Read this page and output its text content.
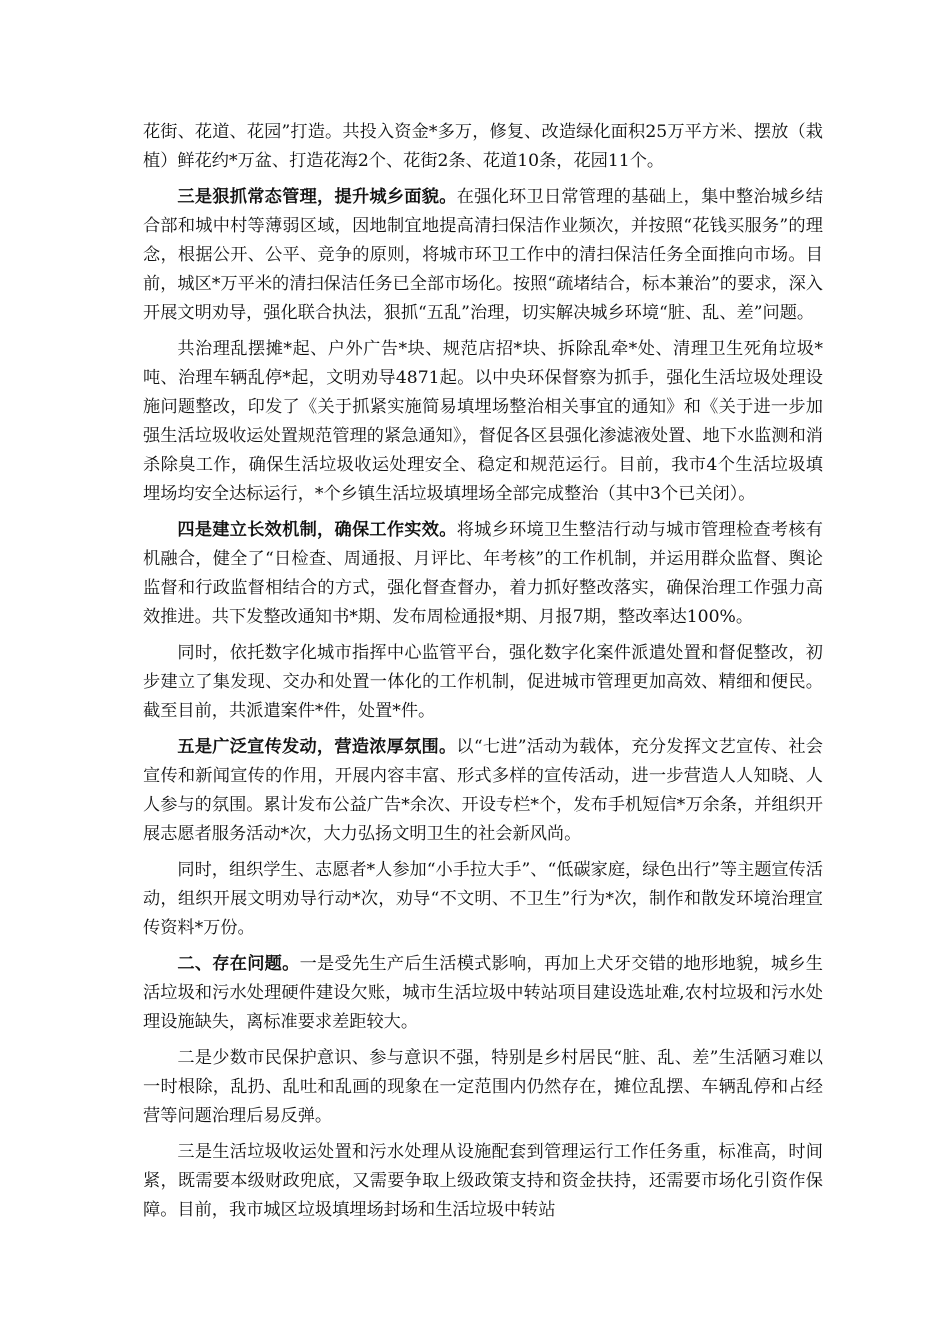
花街、花道、花园”打造。共投入资金*多万，修复、改造绿化面积25万平方米、摆放（栽植）鲜花约*万盆、打造花海2个、花街2条、花道10条，花园11个。

三是狠抓常态管理，提升城乡面貌。在强化环卫日常管理的基础上，集中整治城乡结合部和城中村等薄弱区域，因地制宜地提高清扫保洁作业频次，并按照“花钱买服务”的理念，根据公开、公平、竞争的原则，将城市环卫工作中的清扫保洁任务全面推向市场。目前，城区*万平米的清扫保洁任务已全部市场化。按照“疏堵结合，标本兼治”的要求，深入开展文明劝导，强化联合执法，狠抓“五乱”治理，切实解决城乡环境“脏、乱、差”问题。

共治理乱摆摊*起、户外广告*块、规范店招*块、拆除乱牵*处、清理卫生死角垃圾*吨、治理车辆乱停*起，文明劝导4871起。以中央环保督察为抓手，强化生活垃圾处理设施问题整改，印发了《关于抓紧实施简易填埋场整治相关事宜的通知》和《关于进一步加强生活垃圾收运处置规范管理的紧急通知》，督促各区县强化渗滤液处置、地下水监测和消杀除臭工作，确保生活垃圾收运处理安全、稳定和规范运行。目前，我市4个生活垃圾填埋场均安全达标运行，*个乡镇生活垃圾填埋场全部完成整治（其中3个已关闭）。

四是建立长效机制，确保工作实效。将城乡环境卫生整洁行动与城市管理检查考核有机融合，健全了“日检查、周通报、月评比、年考核”的工作机制，并运用群众监督、舆论监督和行政监督相结合的方式，强化督查督办，着力抓好整改落实，确保治理工作强力高效推进。共下发整改通知书*期、发布周检通报*期、月报7期，整改率达100%。

同时，依托数字化城市指挥中心监管平台，强化数字化案件派遣处置和督促整改，初步建立了集发现、交办和处置一体化的工作机制，促进城市管理更加高效、精细和便民。截至目前，共派遣案件*件，处置*件。

五是广泛宣传发动，营造浓厚氛围。以“七进”活动为载体，充分发挥文艺宣传、社会宣传和新闻宣传的作用，开展内容丰富、形式多样的宣传活动，进一步营造人人知晓、人人参与的氛围。累计发布公益广告*余次、开设专栏*个，发布手机短信*万余条，并组织开展志愿者服务活动*次，大力弘扬文明卫生的社会新风尚。

同时，组织学生、志愿者*人参加“小手拉大手”、“低碳家庭，绿色出行”等主题宣传活动，组织开展文明劝导行动*次，劝导“不文明、不卫生”行为*次，制作和散发环境治理宣传资料*万份。

二、存在问题。一是受先生产后生活模式影响，再加上犬牙交错的地形地貌，城乡生活垃圾和污水处理硬件建设欠账，城市生活垃圾中转站项目建设选址难,农村垃圾和污水处理设施缺失，离标准要求差距较大。

二是少数市民保护意识、参与意识不强，特别是乡村居民“脏、乱、差”生活陋习难以一时根除，乱扔、乱吐和乱画的现象在一定范围内仍然存在，摊位乱摆、车辆乱停和占经营等问题治理后易反弹。

三是生活垃圾收运处置和污水处理从设施配套到管理运行工作任务重，标准高，时间紧，既需要本级财政兜底，又需要争取上级政策支持和资金扶持，还需要市场化引资作保障。目前，我市城区垃圾填埋场封场和生活垃圾中转站
